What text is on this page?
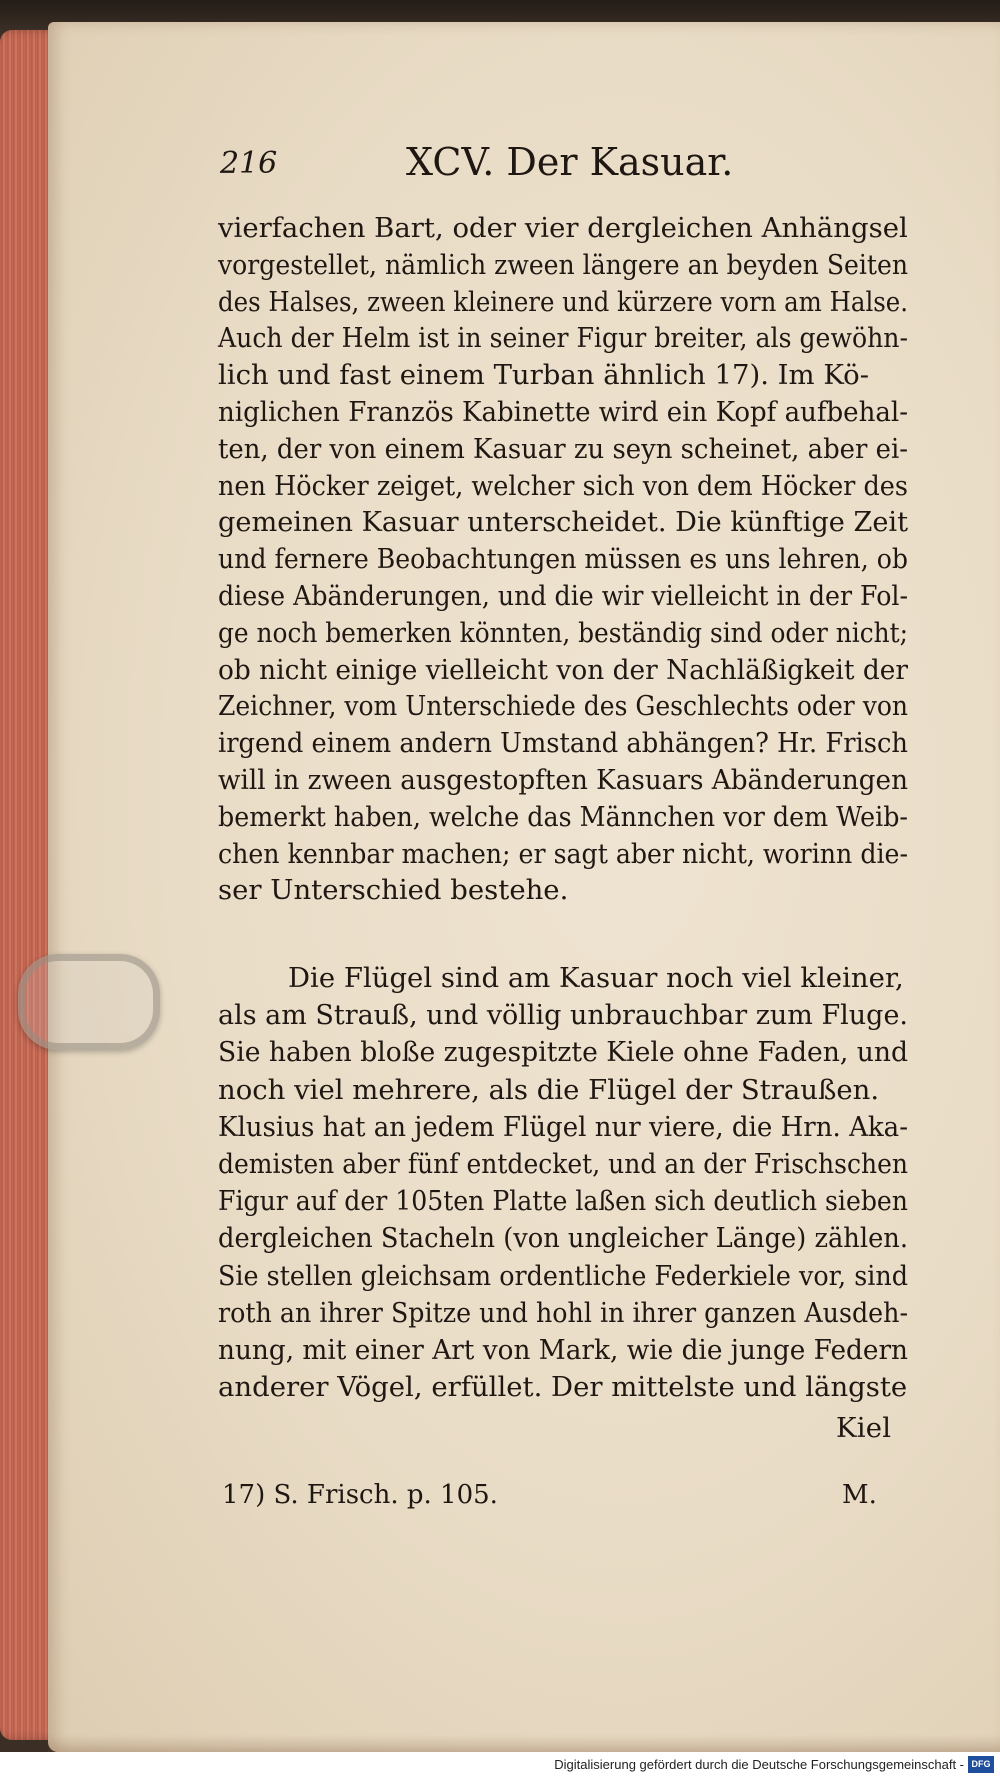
216	XCV. Der Kasuar.
vierfachen Bart, oder vier dergleichen Anhängsel
vorgestellet, nämlich zween längere an beyden Seiten
des Halses, zween kleinere und kürzere vorn am Halse.
Auch der Helm ist in seiner Figur breiter, als gewöhn-
lich und fast einem Turban ähnlich 17). Im Kö-
niglichen Französ Kabinette wird ein Kopf aufbehal-
ten, der von einem Kasuar zu seyn scheinet, aber ei-
nen Höcker zeiget, welcher sich von dem Höcker des
gemeinen Kasuar unterscheidet. Die künftige Zeit
und fernere Beobachtungen müssen es uns lehren, ob
diese Abänderungen, und die wir vielleicht in der Fol-
ge noch bemerken könnten, beständig sind oder nicht;
ob nicht einige vielleicht von der Nachläßigkeit der
Zeichner, vom Unterschiede des Geschlechts oder von
irgend einem andern Umstand abhängen? Hr. Frisch
will in zween ausgestopften Kasuars Abänderungen
bemerkt haben, welche das Männchen vor dem Weib-
chen kennbar machen; er sagt aber nicht, worinn die-
ser Unterschied bestehe.
Die Flügel sind am Kasuar noch viel kleiner,
als am Strauß, und völlig unbrauchbar zum Fluge.
Sie haben bloße zugespitzte Kiele ohne Faden, und
noch viel mehrere, als die Flügel der Straußen.
Klusius hat an jedem Flügel nur viere, die Hrn. Aka-
demisten aber fünf entdecket, und an der Frischschen
Figur auf der 105ten Platte laßen sich deutlich sieben
dergleichen Stacheln (von ungleicher Länge) zählen.
Sie stellen gleichsam ordentliche Federkiele vor, sind
roth an ihrer Spitze und hohl in ihrer ganzen Ausdeh-
nung, mit einer Art von Mark, wie die junge Federn
anderer Vögel, erfüllet. Der mittelste und längste
Kiel
17) S. Frisch. p. 105.	M.
Digitalisierung gefördert durch die Deutsche Forschungsgemeinschaft - DFG
